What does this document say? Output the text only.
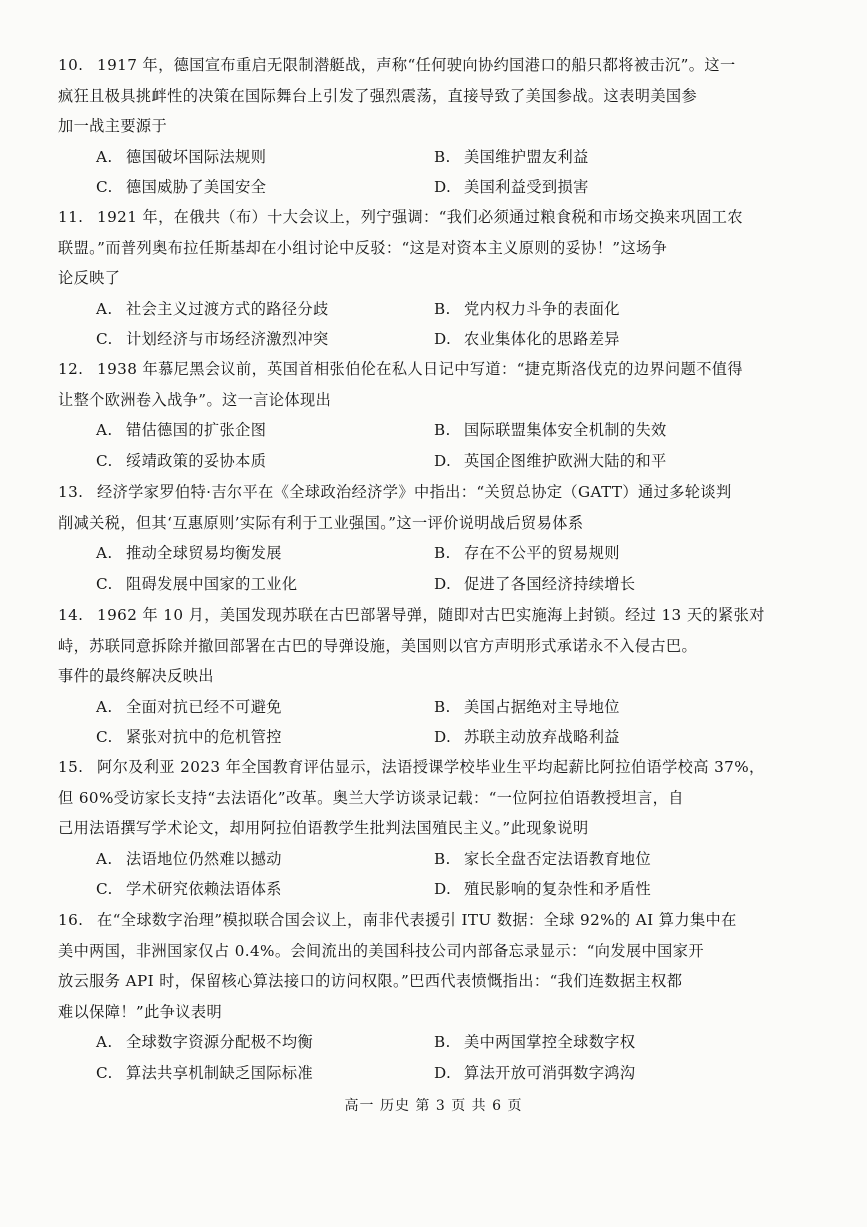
10. 1917 年，德国宣布重启无限制潜艇战，声称“任何驶向协约国港口的船只都将被击沉”。这一
疯狂且极具挑衅性的决策在国际舞台上引发了强烈震荡，直接导致了美国参战。这表明美国参
加一战主要源于
A. 德国破坏国际法规则	B. 美国维护盟友利益
C. 德国威胁了美国安全	D. 美国利益受到损害
11. 1921 年，在俄共（布）十大会议上，列宁强调：“我们必须通过粮食税和市场交换来巩固工农
联盟。”而普列奥布拉任斯基却在小组讨论中反驳：“这是对资本主义原则的妥协！”这场争
论反映了
A. 社会主义过渡方式的路径分歧	B. 党内权力斗争的表面化
C. 计划经济与市场经济激烈冲突	D. 农业集体化的思路差异
12. 1938 年慕尼黑会议前，英国首相张伯伦在私人日记中写道：“捷克斯洛伐克的边界问题不值得
让整个欧洲卷入战争”。这一言论体现出
A. 错估德国的扩张企图	B. 国际联盟集体安全机制的失效
C. 绥靖政策的妥协本质	D. 英国企图维护欧洲大陆的和平
13. 经济学家罗伯特·吉尔平在《全球政治经济学》中指出：“关贸总协定（GATT）通过多轮谈判
削减关税，但其‘互惠原则’实际有利于工业强国。”这一评价说明战后贸易体系
A. 推动全球贸易均衡发展	B. 存在不公平的贸易规则
C. 阻碍发展中国家的工业化	D. 促进了各国经济持续增长
14. 1962 年 10 月，美国发现苏联在古巴部署导弹，随即对古巴实施海上封锁。经过 13 天的紧张对
峙，苏联同意拆除并撤回部署在古巴的导弹设施，美国则以官方声明形式承诺永不入侵古巴。
事件的最终解决反映出
A. 全面对抗已经不可避免	B. 美国占据绝对主导地位
C. 紧张对抗中的危机管控	D. 苏联主动放弃战略利益
15. 阿尔及利亚 2023 年全国教育评估显示，法语授课学校毕业生平均起薪比阿拉伯语学校高 37%，
但 60%受访家长支持“去法语化”改革。奥兰大学访谈录记载：“一位阿拉伯语教授坦言，自
己用法语撰写学术论文，却用阿拉伯语教学生批判法国殖民主义。”此现象说明
A. 法语地位仍然难以撼动	B. 家长全盘否定法语教育地位
C. 学术研究依赖法语体系	D. 殖民影响的复杂性和矛盾性
16. 在“全球数字治理”模拟联合国会议上，南非代表援引 ITU 数据：全球 92%的 AI 算力集中在
美中两国，非洲国家仅占 0.4%。会间流出的美国科技公司内部备忘录显示：“向发展中国家开
放云服务 API 时，保留核心算法接口的访问权限。”巴西代表愤慨指出：“我们连数据主权都
难以保障！”此争议表明
A. 全球数字资源分配极不均衡	B. 美中两国掌控全球数字权
C. 算法共享机制缺乏国际标准	D. 算法开放可消弭数字鸿沟
高一 历史 第 3 页 共 6 页
